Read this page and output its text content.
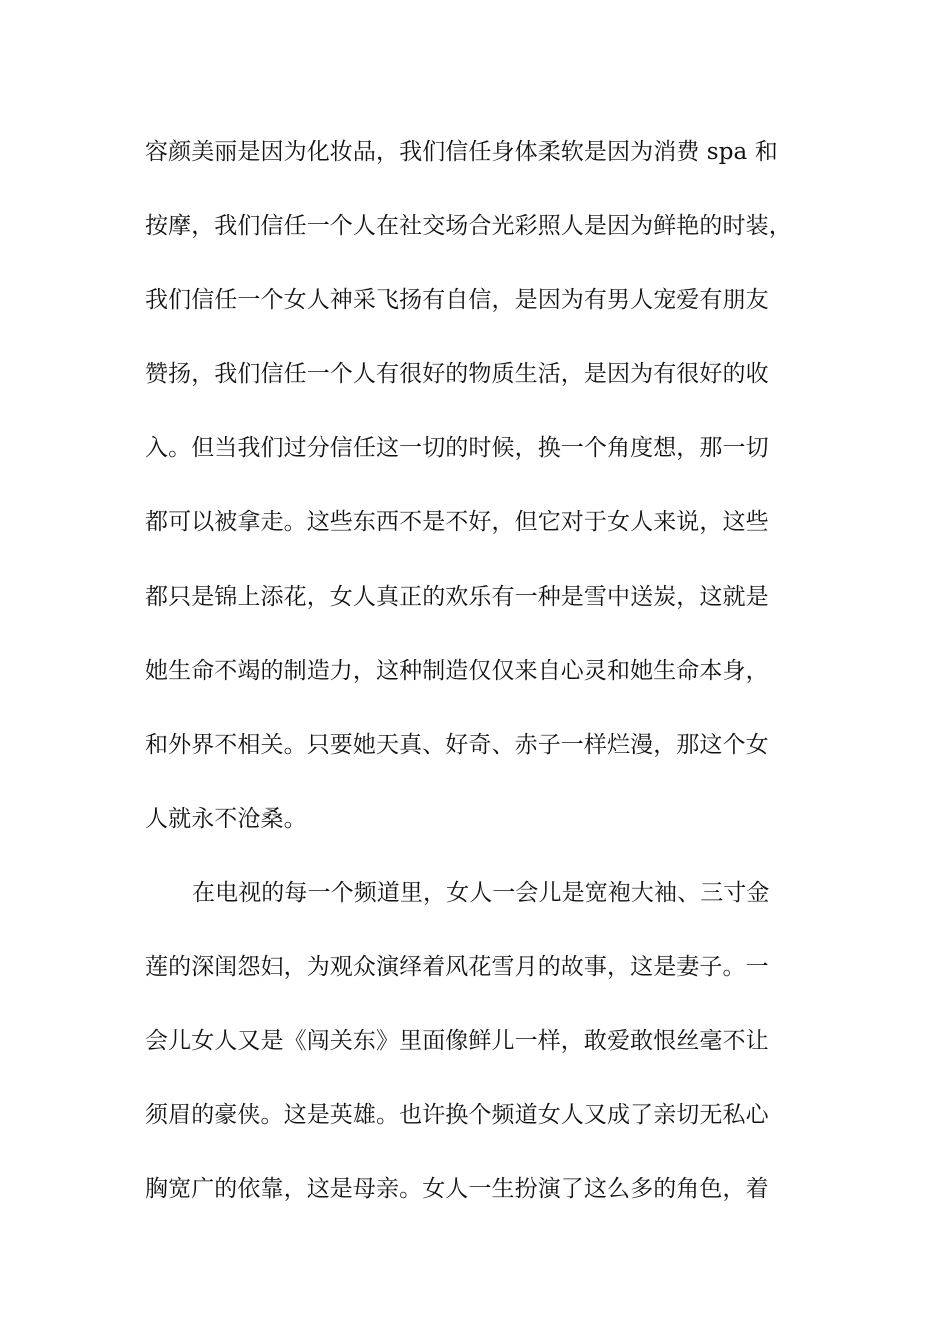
容颜美丽是因为化妆品，我们信任身体柔软是因为消费 spa 和
按摩，我们信任一个人在社交场合光彩照人是因为鲜艳的时装，
我们信任一个女人神采飞扬有自信，是因为有男人宠爱有朋友
赞扬，我们信任一个人有很好的物质生活，是因为有很好的收
入。但当我们过分信任这一切的时候，换一个角度想，那一切
都可以被拿走。这些东西不是不好，但它对于女人来说，这些
都只是锦上添花，女人真正的欢乐有一种是雪中送炭，这就是
她生命不竭的制造力，这种制造仅仅来自心灵和她生命本身，
和外界不相关。只要她天真、好奇、赤子一样烂漫，那这个女
人就永不沧桑。
在电视的每一个频道里，女人一会儿是宽袍大袖、三寸金
莲的深闺怨妇，为观众演绎着风花雪月的故事，这是妻子。一
会儿女人又是《闯关东》里面像鲜儿一样，敢爱敢恨丝毫不让
须眉的豪侠。这是英雄。也许换个频道女人又成了亲切无私心
胸宽广的依靠，这是母亲。女人一生扮演了这么多的角色，着
